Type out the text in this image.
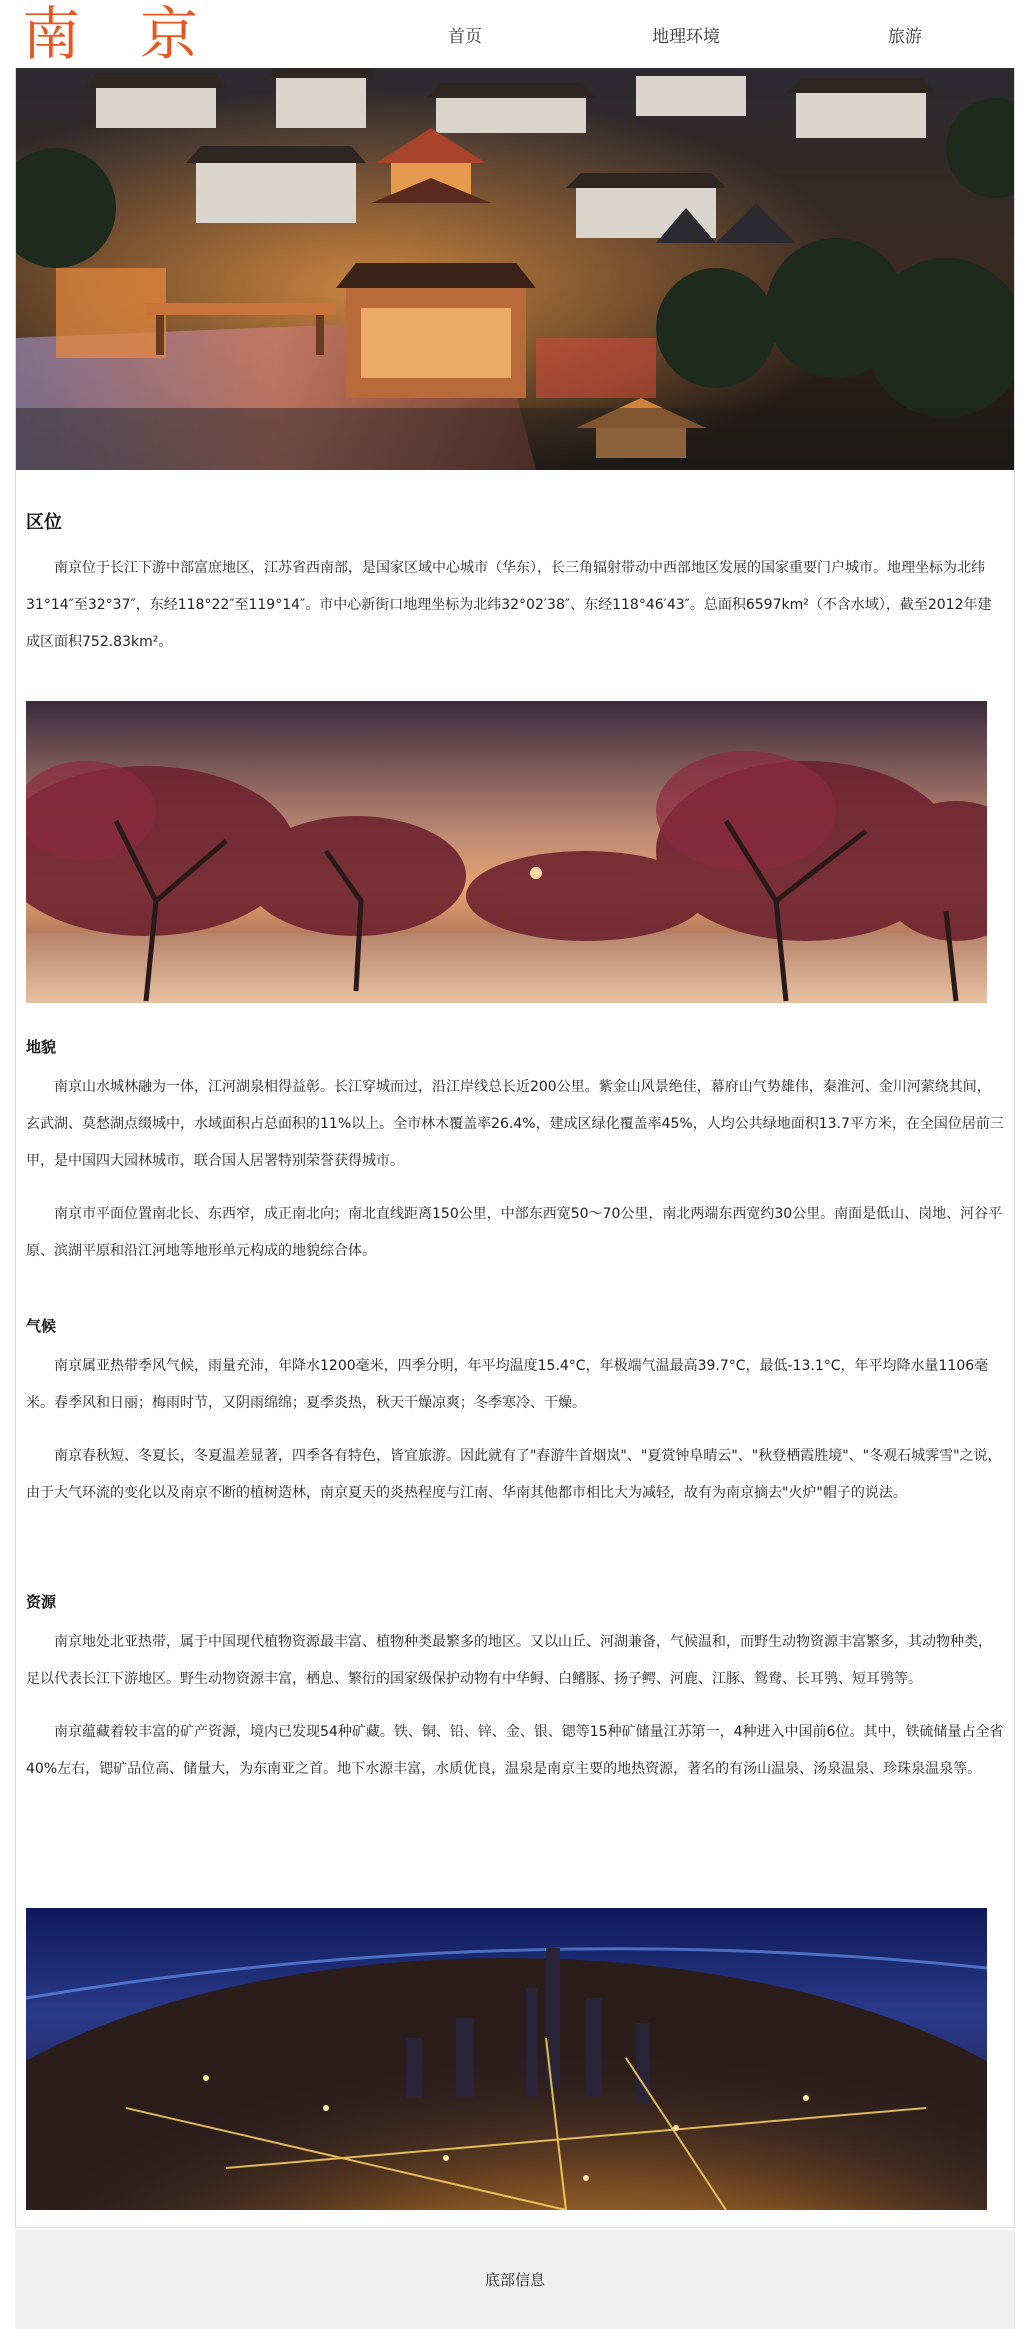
南京	首页	地理环境	旅游
区位

南京位于长江下游中部富庶地区，江苏省西南部，是国家区域中心城市（华东），长三角辐射带动中西部地区发展的国家重要门户城市。地理坐标为北纬31°14″至32°37″，东经118°22″至119°14″。市中心新街口地理坐标为北纬32°02′38″、东经118°46′43″。总面积6597km²（不含水域），截至2012年建成区面积752.83km²。

地貌

南京山水城林融为一体，江河湖泉相得益彰。长江穿城而过，沿江岸线总长近200公里。紫金山风景绝佳，幕府山气势雄伟，秦淮河、金川河萦绕其间，玄武湖、莫愁湖点缀城中，水域面积占总面积的11%以上。全市林木覆盖率26.4%，建成区绿化覆盖率45%，人均公共绿地面积13.7平方米，在全国位居前三甲，是中国四大园林城市，联合国人居署特别荣誉获得城市。

南京市平面位置南北长、东西窄，成正南北向；南北直线距离150公里，中部东西宽50～70公里，南北两端东西宽约30公里。南面是低山、岗地、河谷平原、滨湖平原和沿江河地等地形单元构成的地貌综合体。

气候

南京属亚热带季风气候，雨量充沛，年降水1200毫米，四季分明，年平均温度15.4°C，年极端气温最高39.7°C，最低-13.1°C，年平均降水量1106毫米。春季风和日丽；梅雨时节，又阴雨绵绵；夏季炎热，秋天干燥凉爽；冬季寒冷、干燥。

南京春秋短、冬夏长，冬夏温差显著，四季各有特色，皆宜旅游。因此就有了"春游牛首烟岚"、"夏赏钟阜晴云"、"秋登栖霞胜境"、"冬观石城霁雪"之说，由于大气环流的变化以及南京不断的植树造林，南京夏天的炎热程度与江南、华南其他都市相比大为减轻，故有为南京摘去"火炉"帽子的说法。

资源

南京地处北亚热带，属于中国现代植物资源最丰富、植物种类最繁多的地区。又以山丘、河湖兼备，气候温和，而野生动物资源丰富繁多，其动物种类，足以代表长江下游地区。野生动物资源丰富，栖息、繁衍的国家级保护动物有中华鲟、白鳍豚、扬子鳄、河鹿、江豚、鸳鸯、长耳鸮、短耳鸮等。

南京蕴藏着较丰富的矿产资源，境内已发现54种矿藏。铁、铜、铅、锌、金、银、锶等15种矿储量江苏第一，4种进入中国前6位。其中，铁硫储量占全省40%左右，锶矿品位高、储量大，为东南亚之首。地下水源丰富，水质优良，温泉是南京主要的地热资源，著名的有汤山温泉、汤泉温泉、珍珠泉温泉等。

底部信息
